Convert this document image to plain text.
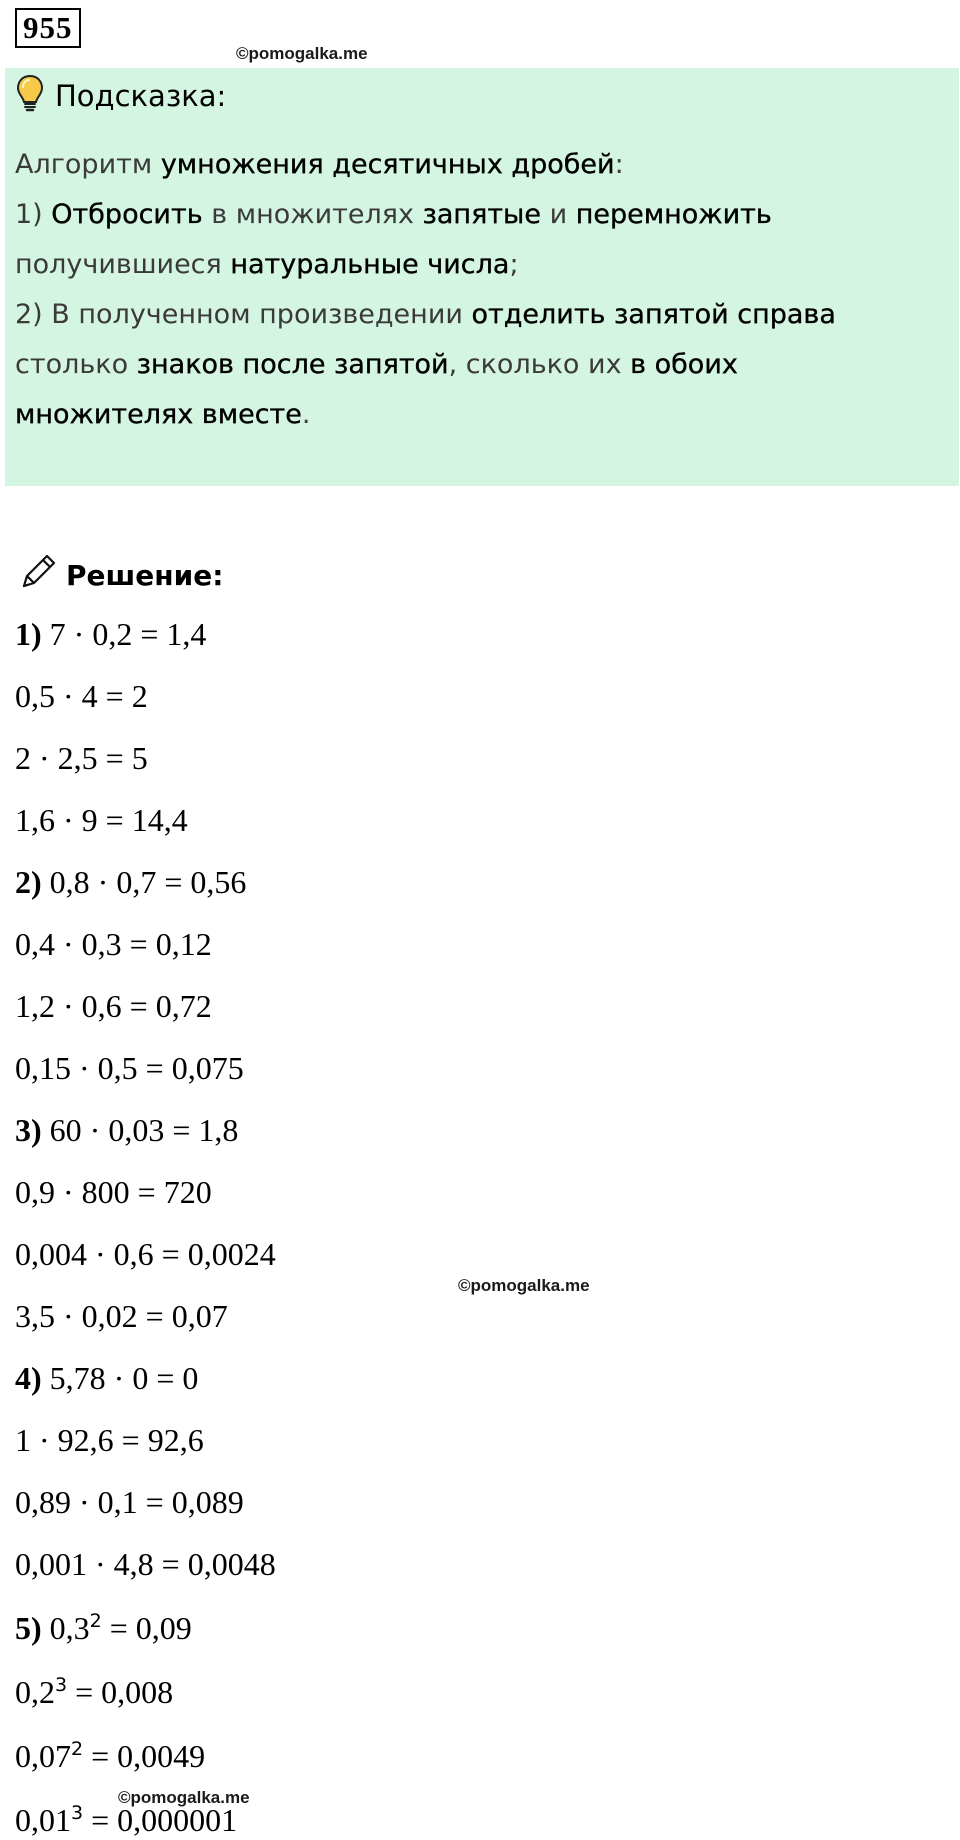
955
©pomogalka.me
Подсказка:
Алгоритм умножения десятичных дробей:
1) Отбросить в множителях запятые и перемножить
получившиеся натуральные числа;
2) В полученном произведении отделить запятой справа
столько знаков после запятой, сколько их в обоих
множителях вместе.
Решение:
1) 7 · 0,2 = 1,4
0,5 · 4 = 2
2 · 2,5 = 5
1,6 · 9 = 14,4
2) 0,8 · 0,7 = 0,56
0,4 · 0,3 = 0,12
1,2 · 0,6 = 0,72
0,15 · 0,5 = 0,075
3) 60 · 0,03 = 1,8
0,9 · 800 = 720
0,004 · 0,6 = 0,0024
3,5 · 0,02 = 0,07
4) 5,78 · 0 = 0
1 · 92,6 = 92,6
0,89 · 0,1 = 0,089
0,001 · 4,8 = 0,0048
5) $0,3^2 = 0,09$
$0,2^3 = 0,008$
$0,07^2 = 0,0049$
$0,01^3 = 0,000001$
©pomogalka.me
©pomogalka.me
